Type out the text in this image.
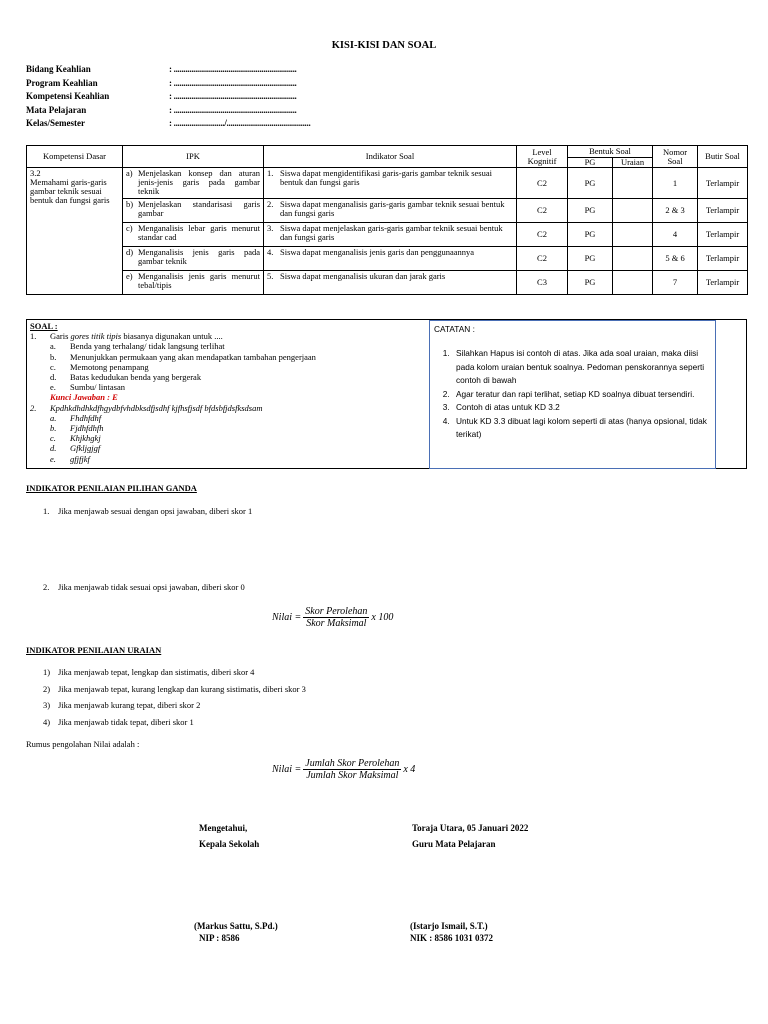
KISI-KISI DAN SOAL
Bidang Keahlian	: ...............................................................
Program Keahlian	: ...............................................................
Kompetensi Keahlian	: ...............................................................
Mata Pelajaran	: ...............................................................
Kelas/Semester	: ........................../...........................................
Kompetensi Dasar	IPK	Indikator Soal	Level Kognitif	Bentuk Soal		Nomor Soal	Butir Soal
				PG	Uraian		
3.2
Memahami garis-garis gambar teknik sesuai bentuk dan fungsi garis	a) Menjelaskan konsep dan aturan jenis-jenis garis pada gambar teknik	1. Siswa dapat mengidentifikasi garis-garis gambar teknik sesuai bentuk dan fungsi garis	C2	PG		1	Terlampir

	b) Menjelaskan standarisasi garis gambar	2. Siswa dapat menganalisis garis-garis gambar teknik sesuai bentuk dan fungsi garis	C2	PG		2 & 3	Terlampir

	c) Menganalisis lebar garis menurut standar cad	3. Siswa dapat menjelaskan garis-garis gambar teknik sesuai bentuk dan fungsi garis	C2	PG		4	Terlampir

	d) Menganalisis jenis garis pada gambar teknik	4. Siswa dapat menganalisis jenis garis dan penggunaannya	C2	PG		5 & 6	Terlampir

	e) Menganalisis jenis garis menurut tebal/tipis	5. Siswa dapat menganalisis ukuran dan jarak garis	C3	PG		7	Terlampir
SOAL :
1.	Garis gores titik tipis biasanya digunakan untuk ....
a.	Benda yang terhalang/ tidak langsung terlihat
b.	Menunjukkan permukaan yang akan mendapatkan tambahan pengerjaan
c.	Memotong penampang
d.	Batas kedudukan benda yang bergerak
e.	Sumbu/ lintasan
Kunci Jawaban : E
2.	Kpdhkdhdhkdfhgydbfvhdbksdfjsdhf kjfhsfjsdf bfdsbfjdsfksdsam
a.	Fhdhfdhf
b.	Fjdhfdhfh
c.	Khjkhgkj
d.	Gfkljgjgf
e.	gfjfjkf
CATATAN :
1. Silahkan Hapus isi contoh di atas. Jika ada soal uraian, maka diisi pada kolom uraian bentuk soalnya. Pedoman penskorannya seperti contoh di bawah
2. Agar teratur dan rapi terlihat, setiap KD soalnya dibuat tersendiri.
3. Contoh di atas untuk KD 3.2
4. Untuk KD 3.3 dibuat lagi kolom seperti di atas (hanya opsional, tidak terikat)
INDIKATOR PENILAIAN PILIHAN GANDA
1.	Jika menjawab sesuai dengan opsi jawaban, diberi skor 1
2.	Jika menjawab tidak sesuai opsi jawaban, diberi skor 0
Nilai = $\frac{\text{Skor Perolehan}}{\text{Skor Maksimal}}$ x 100
INDIKATOR PENILAIAN URAIAN
1) Jika menjawab tepat, lengkap dan sistimatis, diberi skor 4
2) Jika menjawab tepat, kurang lengkap dan kurang sistimatis, diberi skor 3
3) Jika menjawab kurang tepat, diberi skor 2
4) Jika menjawab tidak tepat, diberi skor 1
Rumus pengolahan Nilai adalah :
Nilai = $\frac{\text{Jumlah Skor Perolehan}}{\text{Jumlah Skor Maksimal}}$ x 4
Mengetahui,
Kepala Sekolah
(Markus Sattu, S.Pd.)
NIP : 8586
Toraja Utara, 05 Januari 2022
Guru Mata Pelajaran
(Istarjo Ismail, S.T.)
NIK : 8586 1031 0372
